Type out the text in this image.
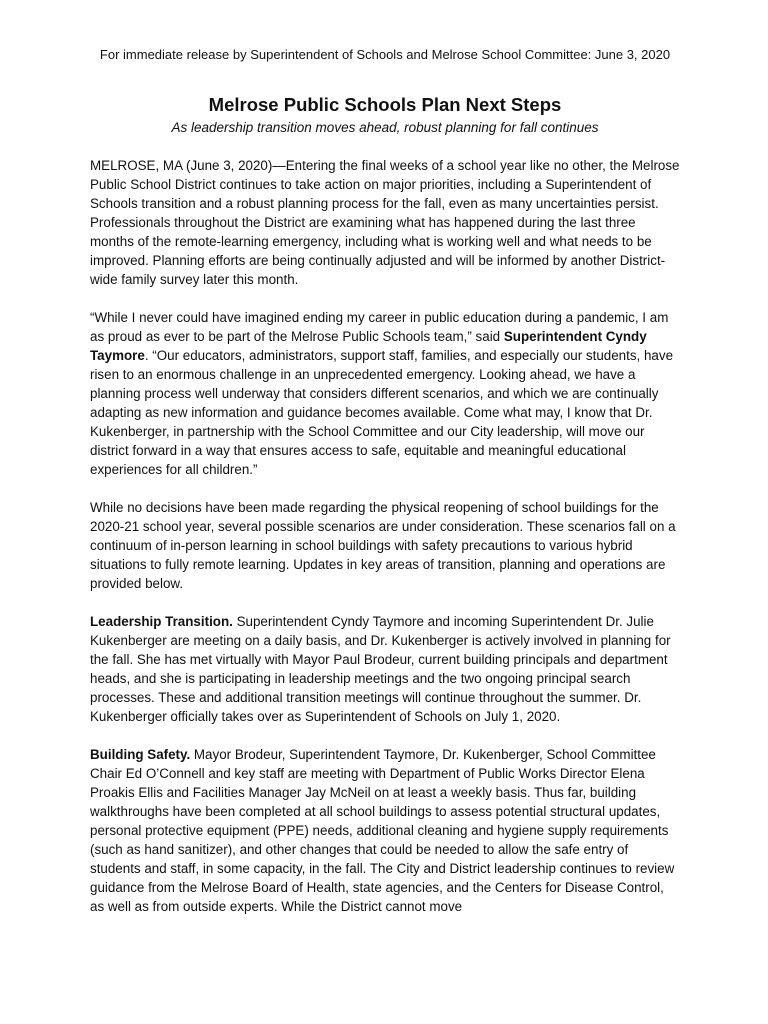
For immediate release by Superintendent of Schools and Melrose School Committee: June 3, 2020
Melrose Public Schools Plan Next Steps
As leadership transition moves ahead, robust planning for fall continues

MELROSE, MA (June 3, 2020)—Entering the final weeks of a school year like no other, the Melrose Public School District continues to take action on major priorities, including a Superintendent of Schools transition and a robust planning process for the fall, even as many uncertainties persist. Professionals throughout the District are examining what has happened during the last three months of the remote-learning emergency, including what is working well and what needs to be improved. Planning efforts are being continually adjusted and will be informed by another District-wide family survey later this month.

“While I never could have imagined ending my career in public education during a pandemic, I am as proud as ever to be part of the Melrose Public Schools team,” said Superintendent Cyndy Taymore. “Our educators, administrators, support staff, families, and especially our students, have risen to an enormous challenge in an unprecedented emergency. Looking ahead, we have a planning process well underway that considers different scenarios, and which we are continually adapting as new information and guidance becomes available. Come what may, I know that Dr. Kukenberger, in partnership with the School Committee and our City leadership, will move our district forward in a way that ensures access to safe, equitable and meaningful educational experiences for all children.”

While no decisions have been made regarding the physical reopening of school buildings for the 2020-21 school year, several possible scenarios are under consideration. These scenarios fall on a continuum of in-person learning in school buildings with safety precautions to various hybrid situations to fully remote learning. Updates in key areas of transition, planning and operations are provided below.

Leadership Transition. Superintendent Cyndy Taymore and incoming Superintendent Dr. Julie Kukenberger are meeting on a daily basis, and Dr. Kukenberger is actively involved in planning for the fall. She has met virtually with Mayor Paul Brodeur, current building principals and department heads, and she is participating in leadership meetings and the two ongoing principal search processes. These and additional transition meetings will continue throughout the summer. Dr. Kukenberger officially takes over as Superintendent of Schools on July 1, 2020.

Building Safety. Mayor Brodeur, Superintendent Taymore, Dr. Kukenberger, School Committee Chair Ed O’Connell and key staff are meeting with Department of Public Works Director Elena Proakis Ellis and Facilities Manager Jay McNeil on at least a weekly basis. Thus far, building walkthroughs have been completed at all school buildings to assess potential structural updates, personal protective equipment (PPE) needs, additional cleaning and hygiene supply requirements (such as hand sanitizer), and other changes that could be needed to allow the safe entry of students and staff, in some capacity, in the fall. The City and District leadership continues to review guidance from the Melrose Board of Health, state agencies, and the Centers for Disease Control, as well as from outside experts. While the District cannot move
